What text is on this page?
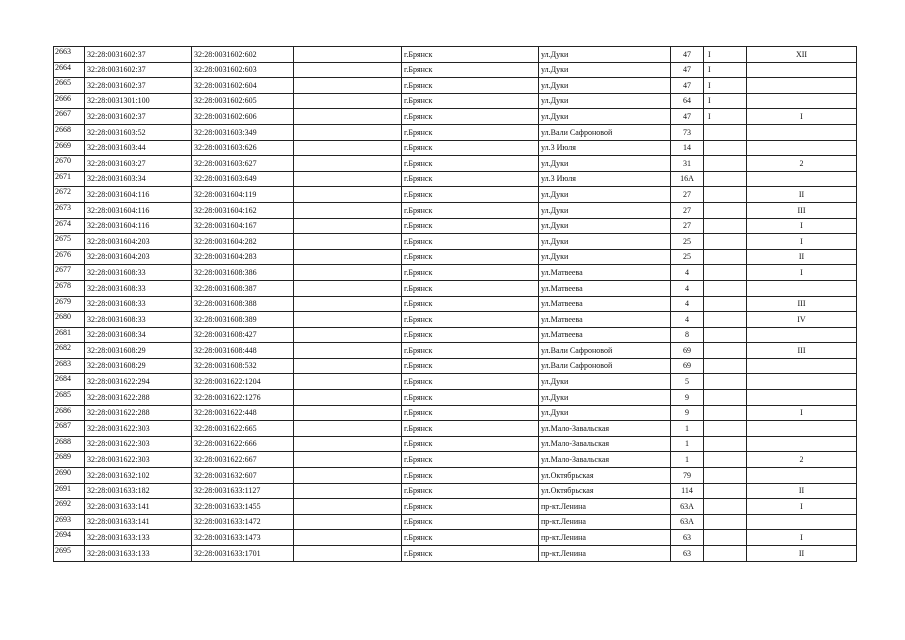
2663	32:28:0031602:37	32:28:0031602:602		г.Брянск	ул.Дуки	47	I	XII
2664	32:28:0031602:37	32:28:0031602:603		г.Брянск	ул.Дуки	47	I	
2665	32:28:0031602:37	32:28:0031602:604		г.Брянск	ул.Дуки	47	I	
2666	32:28:0031301:100	32:28:0031602:605		г.Брянск	ул.Дуки	64	I	
2667	32:28:0031602:37	32:28:0031602:606		г.Брянск	ул.Дуки	47	I	I
2668	32:28:0031603:52	32:28:0031603:349		г.Брянск	ул.Вали Сафроновой	73		
2669	32:28:0031603:44	32:28:0031603:626		г.Брянск	ул.3 Июля	14		
2670	32:28:0031603:27	32:28:0031603:627		г.Брянск	ул.Дуки	31		2
2671	32:28:0031603:34	32:28:0031603:649		г.Брянск	ул.3 Июля	16А		
2672	32:28:0031604:116	32:28:0031604:119		г.Брянск	ул.Дуки	27		II
2673	32:28:0031604:116	32:28:0031604:162		г.Брянск	ул.Дуки	27		III
2674	32:28:0031604:116	32:28:0031604:167		г.Брянск	ул.Дуки	27		I
2675	32:28:0031604:203	32:28:0031604:282		г.Брянск	ул.Дуки	25		I
2676	32:28:0031604:203	32:28:0031604:283		г.Брянск	ул.Дуки	25		II
2677	32:28:0031608:33	32:28:0031608:386		г.Брянск	ул.Матвеева	4		I
2678	32:28:0031608:33	32:28:0031608:387		г.Брянск	ул.Матвеева	4		
2679	32:28:0031608:33	32:28:0031608:388		г.Брянск	ул.Матвеева	4		III
2680	32:28:0031608:33	32:28:0031608:389		г.Брянск	ул.Матвеева	4		IV
2681	32:28:0031608:34	32:28:0031608:427		г.Брянск	ул.Матвеева	8		
2682	32:28:0031608:29	32:28:0031608:448		г.Брянск	ул.Вали Сафроновой	69		III
2683	32:28:0031608:29	32:28:0031608:532		г.Брянск	ул.Вали Сафроновой	69		
2684	32:28:0031622:294	32:28:0031622:1204		г.Брянск	ул.Дуки	5		
2685	32:28:0031622:288	32:28:0031622:1276		г.Брянск	ул.Дуки	9		
2686	32:28:0031622:288	32:28:0031622:448		г.Брянск	ул.Дуки	9		I
2687	32:28:0031622:303	32:28:0031622:665		г.Брянск	ул.Мало-Завальская	1		
2688	32:28:0031622:303	32:28:0031622:666		г.Брянск	ул.Мало-Завальская	1		
2689	32:28:0031622:303	32:28:0031622:667		г.Брянск	ул.Мало-Завальская	1		2
2690	32:28:0031632:102	32:28:0031632:607		г.Брянск	ул.Октябрьская	79		
2691	32:28:0031633:182	32:28:0031633:1127		г.Брянск	ул.Октябрьская	114		II
2692	32:28:0031633:141	32:28:0031633:1455		г.Брянск	пр-кт.Ленина	63А		I
2693	32:28:0031633:141	32:28:0031633:1472		г.Брянск	пр-кт.Ленина	63А		
2694	32:28:0031633:133	32:28:0031633:1473		г.Брянск	пр-кт.Ленина	63		I
2695	32:28:0031633:133	32:28:0031633:1701		г.Брянск	пр-кт.Ленина	63		II
